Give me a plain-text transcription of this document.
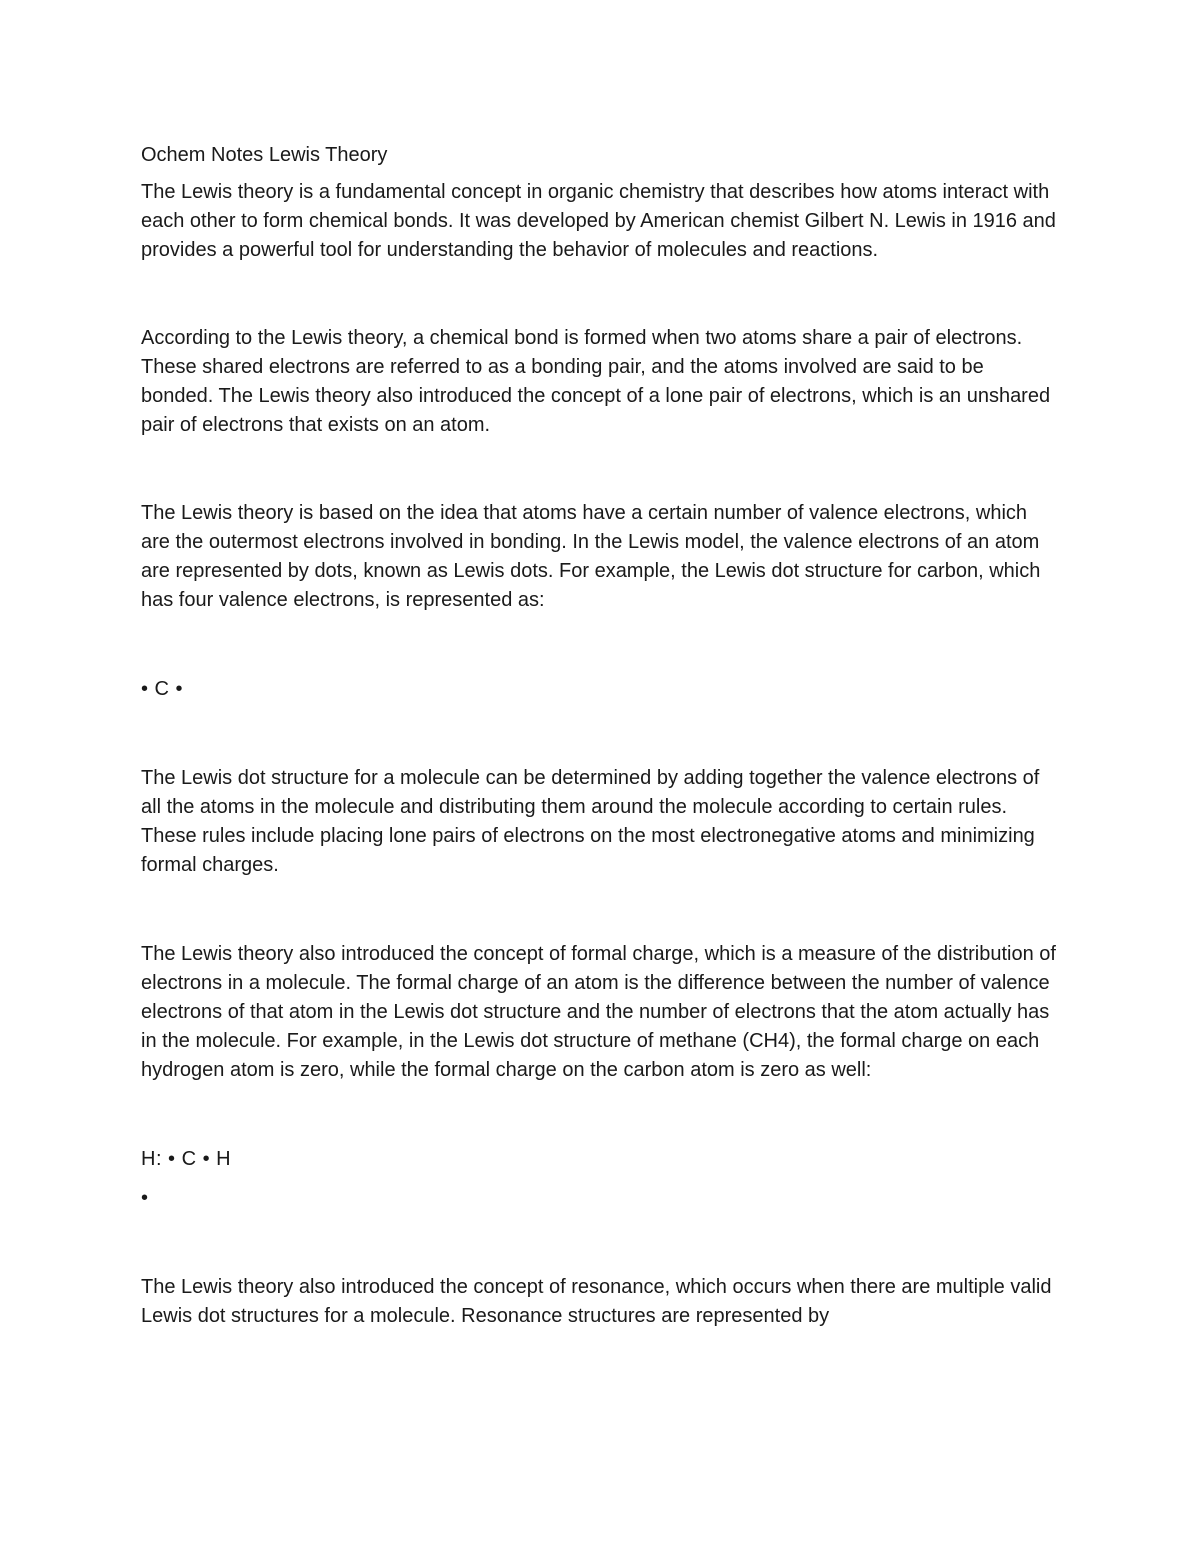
Ochem Notes Lewis Theory

The Lewis theory is a fundamental concept in organic chemistry that describes how atoms interact with each other to form chemical bonds. It was developed by American chemist Gilbert N. Lewis in 1916 and provides a powerful tool for understanding the behavior of molecules and reactions.

According to the Lewis theory, a chemical bond is formed when two atoms share a pair of electrons. These shared electrons are referred to as a bonding pair, and the atoms involved are said to be bonded. The Lewis theory also introduced the concept of a lone pair of electrons, which is an unshared pair of electrons that exists on an atom.

The Lewis theory is based on the idea that atoms have a certain number of valence electrons, which are the outermost electrons involved in bonding. In the Lewis model, the valence electrons of an atom are represented by dots, known as Lewis dots. For example, the Lewis dot structure for carbon, which has four valence electrons, is represented as:

• C •

The Lewis dot structure for a molecule can be determined by adding together the valence electrons of all the atoms in the molecule and distributing them around the molecule according to certain rules. These rules include placing lone pairs of electrons on the most electronegative atoms and minimizing formal charges.

The Lewis theory also introduced the concept of formal charge, which is a measure of the distribution of electrons in a molecule. The formal charge of an atom is the difference between the number of valence electrons of that atom in the Lewis dot structure and the number of electrons that the atom actually has in the molecule. For example, in the Lewis dot structure of methane (CH4), the formal charge on each hydrogen atom is zero, while the formal charge on the carbon atom is zero as well:

H: • C • H

•

The Lewis theory also introduced the concept of resonance, which occurs when there are multiple valid Lewis dot structures for a molecule. Resonance structures are represented by
